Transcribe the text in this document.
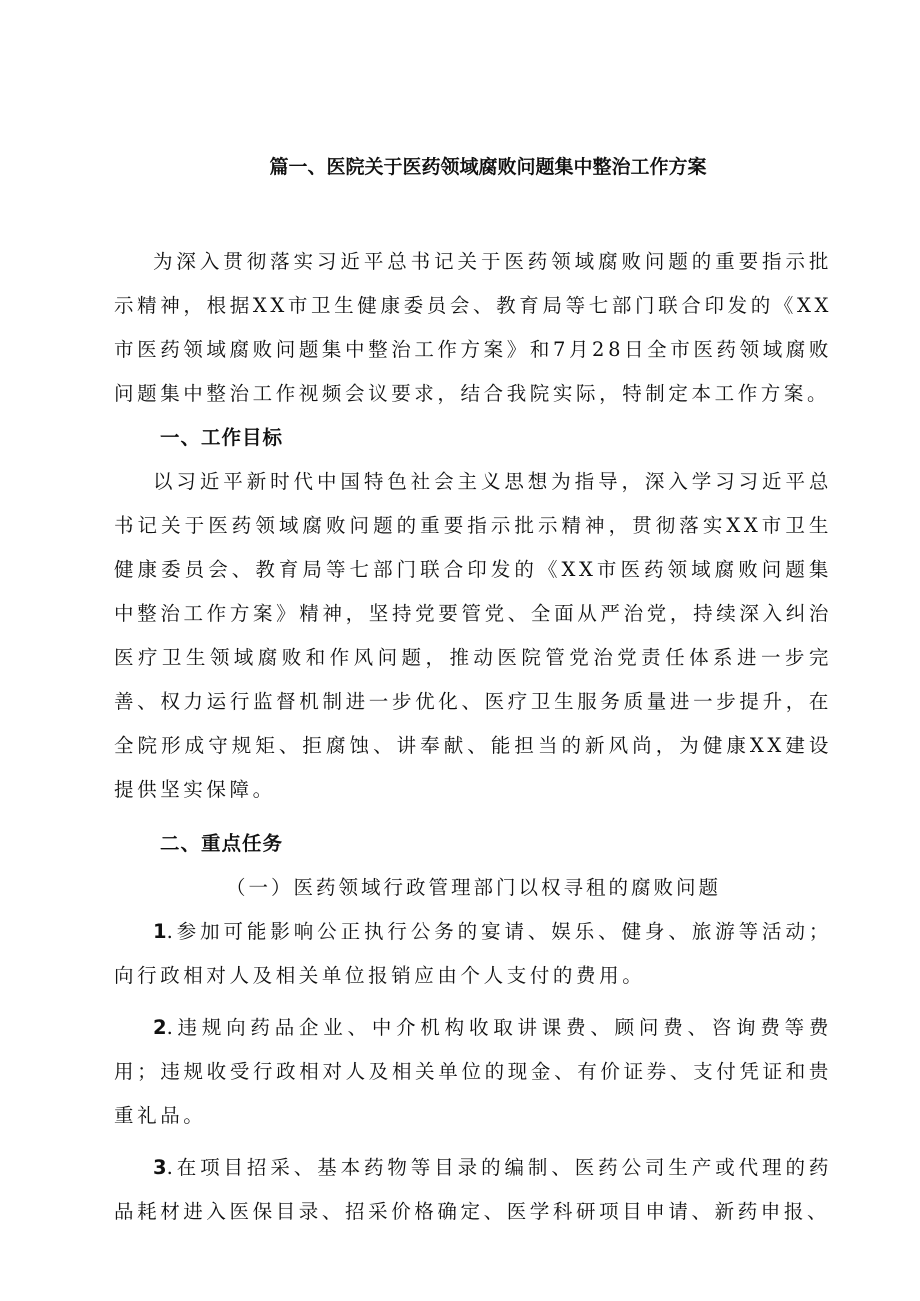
篇一、医院关于医药领域腐败问题集中整治工作方案

为深入贯彻落实习近平总书记关于医药领域腐败问题的重要指示批示精神，根据XX市卫生健康委员会、教育局等七部门联合印发的《XX市医药领域腐败问题集中整治工作方案》和7月28日全市医药领域腐败问题集中整治工作视频会议要求，结合我院实际，特制定本工作方案。

一、工作目标

以习近平新时代中国特色社会主义思想为指导，深入学习习近平总书记关于医药领域腐败问题的重要指示批示精神，贯彻落实XX市卫生健康委员会、教育局等七部门联合印发的《XX市医药领域腐败问题集中整治工作方案》精神，坚持党要管党、全面从严治党，持续深入纠治医疗卫生领域腐败和作风问题，推动医院管党治党责任体系进一步完善、权力运行监督机制进一步优化、医疗卫生服务质量进一步提升，在全院形成守规矩、拒腐蚀、讲奉献、能担当的新风尚，为健康XX建设提供坚实保障。

二、重点任务

（一）医药领域行政管理部门以权寻租的腐败问题

1.参加可能影响公正执行公务的宴请、娱乐、健身、旅游等活动；向行政相对人及相关单位报销应由个人支付的费用。

2.违规向药品企业、中介机构收取讲课费、顾问费、咨询费等费用；违规收受行政相对人及相关单位的现金、有价证券、支付凭证和贵重礼品。

3.在项目招采、基本药物等目录的编制、医药公司生产或代理的药品耗材进入医保目录、招采价格确定、医学科研项目申请、新药申报、
